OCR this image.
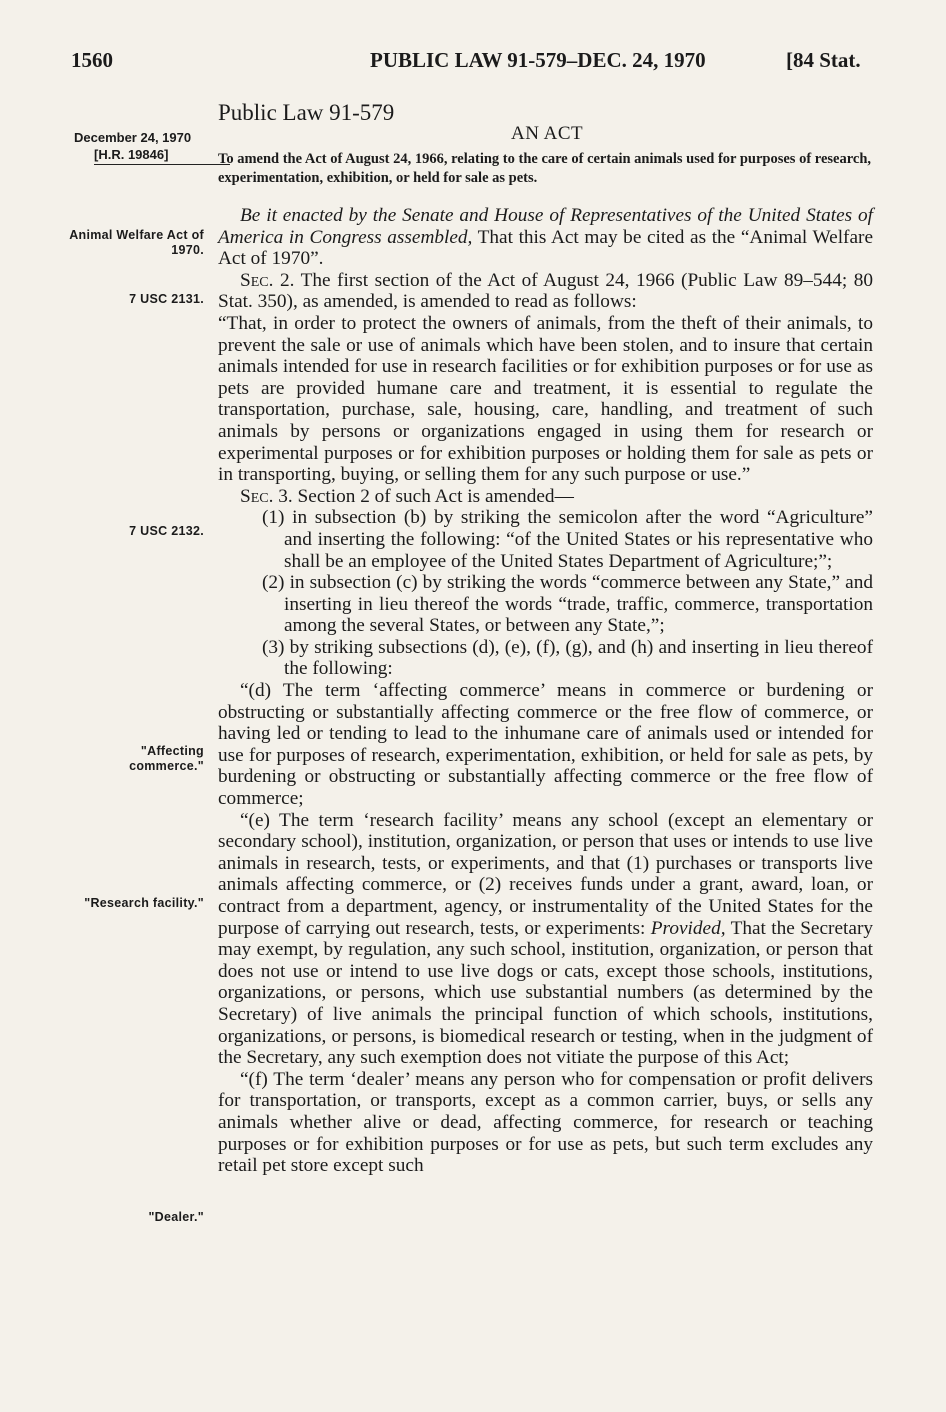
1560	PUBLIC LAW 91-579–DEC. 24, 1970	[84 Stat.
Public Law 91-579
AN ACT
December 24, 1970
[H.R. 19846]	To amend the Act of August 24, 1966, relating to the care of certain animals used for purposes of research, experimentation, exhibition, or held for sale as pets.
Animal Welfare Act of 1970.
7 USC 2131.
7 USC 2132.
"Affecting commerce."
"Research facility."
"Dealer."

Be it enacted by the Senate and House of Representatives of the United States of America in Congress assembled, That this Act may be cited as the “Animal Welfare Act of 1970”.

Sec. 2. The first section of the Act of August 24, 1966 (Public Law 89–544; 80 Stat. 350), as amended, is amended to read as follows:

“That, in order to protect the owners of animals, from the theft of their animals, to prevent the sale or use of animals which have been stolen, and to insure that certain animals intended for use in research facilities or for exhibition purposes or for use as pets are provided humane care and treatment, it is essential to regulate the transportation, purchase, sale, housing, care, handling, and treatment of such animals by persons or organizations engaged in using them for research or experimental purposes or for exhibition purposes or holding them for sale as pets or in transporting, buying, or selling them for any such purpose or use.”

Sec. 3. Section 2 of such Act is amended—

(1) in subsection (b) by striking the semicolon after the word “Agriculture” and inserting the following: “of the United States or his representative who shall be an employee of the United States Department of Agriculture;”;

(2) in subsection (c) by striking the words “commerce between any State,” and inserting in lieu thereof the words “trade, traffic, commerce, transportation among the several States, or between any State,”;

(3) by striking subsections (d), (e), (f), (g), and (h) and inserting in lieu thereof the following:

“(d) The term ‘affecting commerce’ means in commerce or burdening or obstructing or substantially affecting commerce or the free flow of commerce, or having led or tending to lead to the inhumane care of animals used or intended for use for purposes of research, experimentation, exhibition, or held for sale as pets, by burdening or obstructing or substantially affecting commerce or the free flow of commerce;

“(e) The term ‘research facility’ means any school (except an elementary or secondary school), institution, organization, or person that uses or intends to use live animals in research, tests, or experiments, and that (1) purchases or transports live animals affecting commerce, or (2) receives funds under a grant, award, loan, or contract from a department, agency, or instrumentality of the United States for the purpose of carrying out research, tests, or experiments: Provided, That the Secretary may exempt, by regulation, any such school, institution, organization, or person that does not use or intend to use live dogs or cats, except those schools, institutions, organizations, or persons, which use substantial numbers (as determined by the Secretary) of live animals the principal function of which schools, institutions, organizations, or persons, is biomedical research or testing, when in the judgment of the Secretary, any such exemption does not vitiate the purpose of this Act;

“(f) The term ‘dealer’ means any person who for compensation or profit delivers for transportation, or transports, except as a common carrier, buys, or sells any animals whether alive or dead, affecting commerce, for research or teaching purposes or for exhibition purposes or for use as pets, but such term excludes any retail pet store except such
